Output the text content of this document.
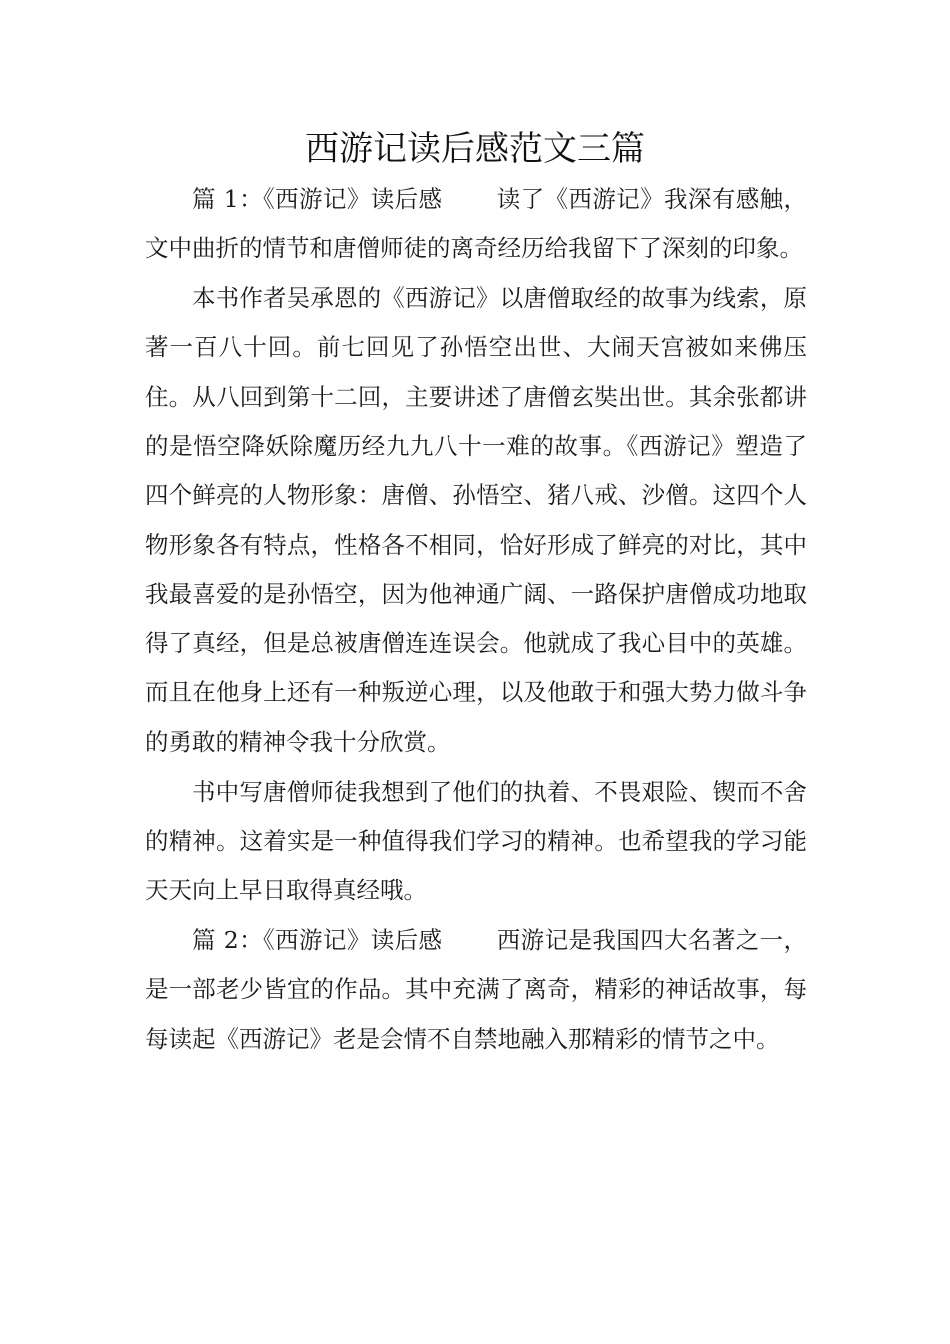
西游记读后感范文三篇

篇 1：《西游记》读后感 读了《西游记》我深有感触，文中曲折的情节和唐僧师徒的离奇经历给我留下了深刻的印象。

本书作者吴承恩的《西游记》以唐僧取经的故事为线索，原著一百八十回。前七回见了孙悟空出世、大闹天宫被如来佛压住。从八回到第十二回，主要讲述了唐僧玄奘出世。其余张都讲的是悟空降妖除魔历经九九八十一难的故事。《西游记》塑造了四个鲜亮的人物形象：唐僧、孙悟空、猪八戒、沙僧。这四个人物形象各有特点，性格各不相同，恰好形成了鲜亮的对比，其中我最喜爱的是孙悟空，因为他神通广阔、一路保护唐僧成功地取得了真经，但是总被唐僧连连误会。他就成了我心目中的英雄。而且在他身上还有一种叛逆心理，以及他敢于和强大势力做斗争的勇敢的精神令我十分欣赏。

书中写唐僧师徒我想到了他们的执着、不畏艰险、锲而不舍的精神。这着实是一种值得我们学习的精神。也希望我的学习能天天向上早日取得真经哦。

篇 2：《西游记》读后感 西游记是我国四大名著之一，是一部老少皆宜的作品。其中充满了离奇，精彩的神话故事，每每读起《西游记》老是会情不自禁地融入那精彩的情节之中。
